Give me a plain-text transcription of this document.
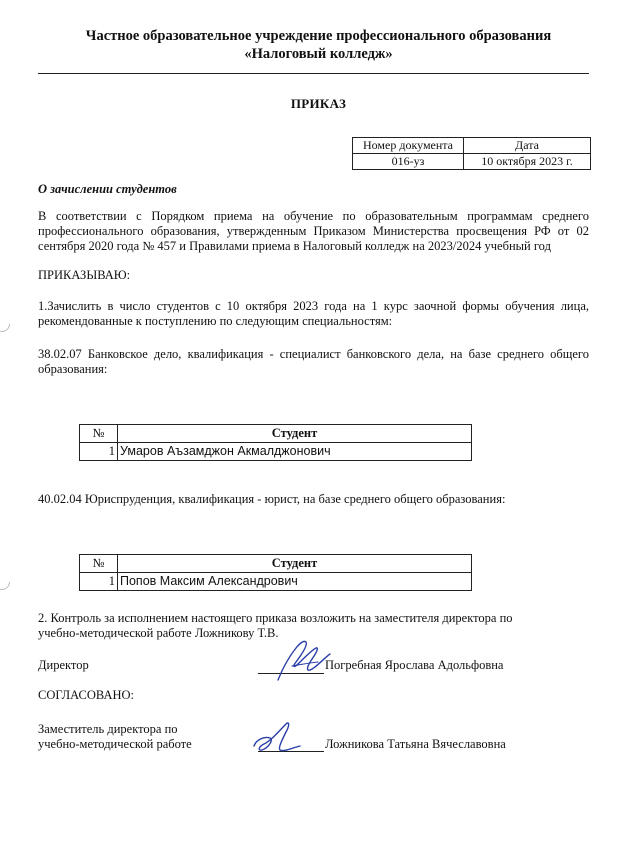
Частное образовательное учреждение профессионального образования
«Налоговый колледж»
ПРИКАЗ
Номер документа	Дата
016-уз	10 октября 2023 г.
О зачислении студентов
В соответствии с Порядком приема на обучение по образовательным программам среднего
профессионального образования, утвержденным Приказом Министерства просвещения РФ от 02
сентября 2020 года № 457 и Правилами приема в Налоговый колледж на 2023/2024 учебный год
ПРИКАЗЫВАЮ:
1.Зачислить в число студентов с 10 октября 2023 года на 1 курс заочной формы обучения лица,
рекомендованные к поступлению по следующим специальностям:
38.02.07 Банковское дело, квалификация - специалист банковского дела, на базе среднего общего
образования:
№	Студент
1	Умаров Аъзамджон Акмалджонович
40.02.04 Юриспруденция, квалификация - юрист, на базе среднего общего образования:
№	Студент
1	Попов Максим Александрович
2. Контроль за исполнением настоящего приказа возложить на заместителя директора по
учебно-методической работе Ложникову Т.В.
Директор	Погребная Ярослава Адольфовна
СОГЛАСОВАНО:
Заместитель директора по
учебно-методической работе	Ложникова Татьяна Вячеславовна
